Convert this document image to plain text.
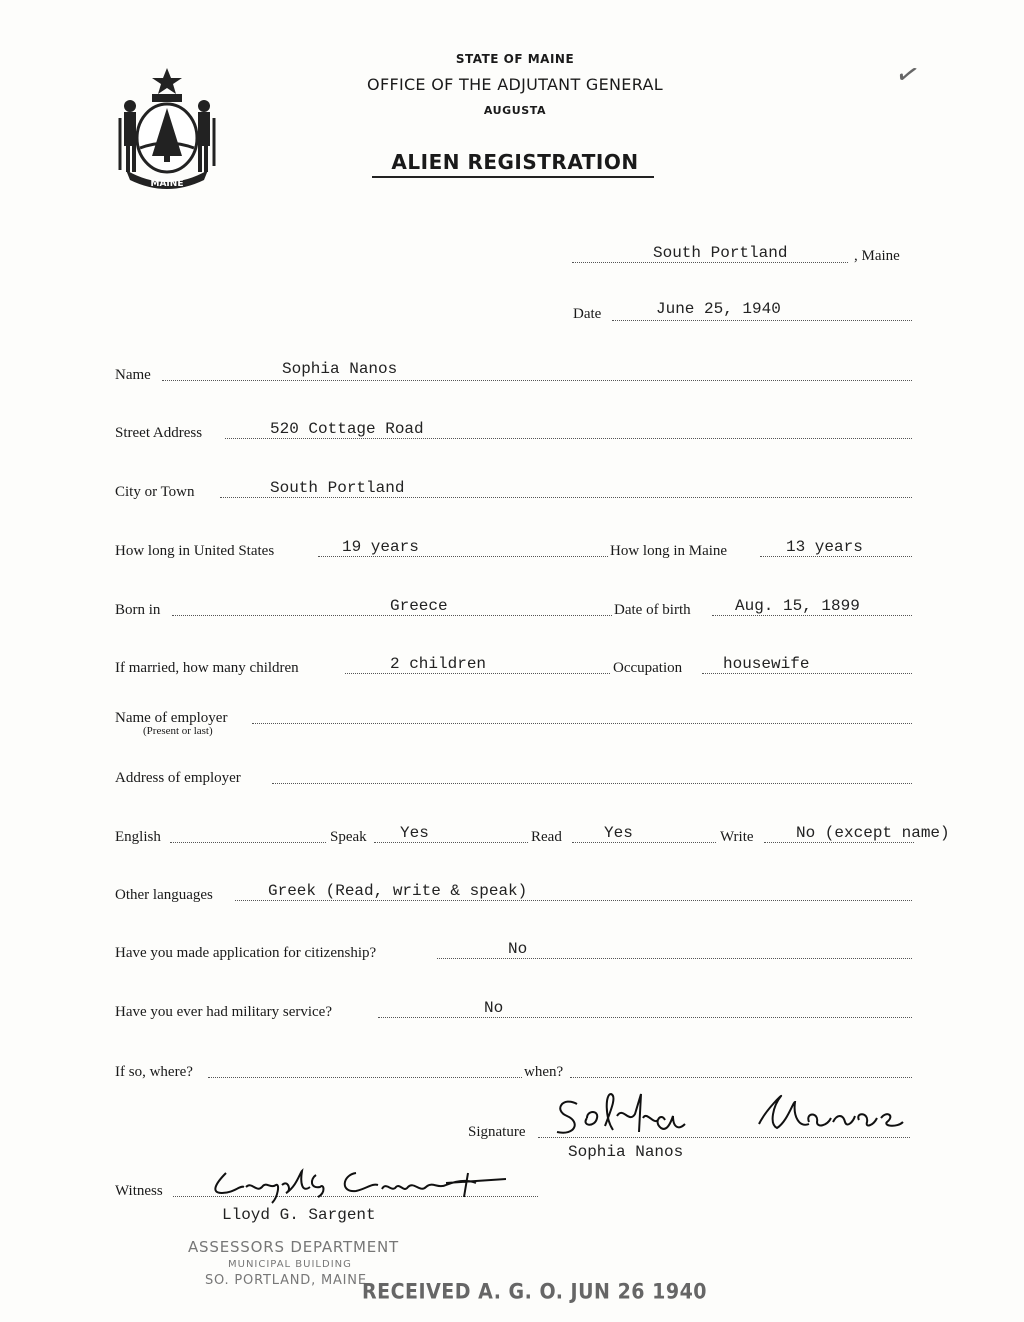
MAINE
STATE OF MAINE
OFFICE OF THE ADJUTANT GENERAL
AUGUSTA
ALIEN REGISTRATION
✓
South Portland	, Maine
Date	June 25, 1940
Name	Sophia Nanos
Street Address	520 Cottage Road
City or Town	South Portland
How long in United States	19 years	How long in Maine	13 years
Born in	Greece	Date of birth	Aug. 15, 1899
If married, how many children	2 children	Occupation	housewife
Name of employer
(Present or last)
Address of employer
English	Speak Yes	Read	Yes	Write	No (except name)
Other languages	Greek (Read, write & speak)
Have you made application for citizenship?	No
Have you ever had military service?	No
If so, where?	when?
Signature
Sophia Nanos
Witness
Lloyd G. Sargent
ASSESSORS DEPARTMENT
MUNICIPAL BUILDING
SO. PORTLAND, MAINE
RECEIVED A. G. O. JUN 26 1940
